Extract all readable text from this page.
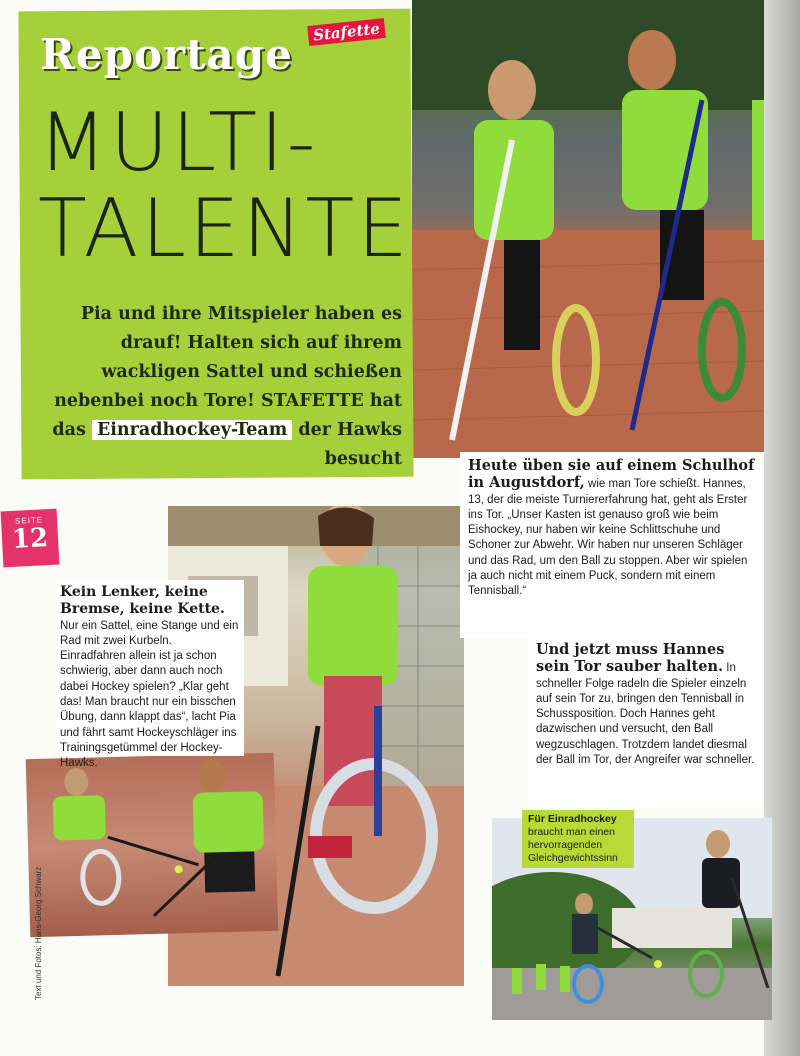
Reportage	Stafette
MULTI-
TALENTE
Pia und ihre Mitspieler haben es drauf! Halten sich auf ihrem wackligen Sattel und schießen nebenbei noch Tore! STAFETTE hat das Einradhockey-Team der Hawks besucht
SEITE
12
Für Einradhockey
braucht man einen hervorragenden Gleichgewichtssinn
Heute üben sie auf einem Schulhof in Augustdorf, wie man Tore schießt. Hannes, 13, der die meiste Turniererfahrung hat, geht als Erster ins Tor. „Unser Kasten ist genauso groß wie beim Eishockey, nur haben wir keine Schlittschuhe und Schoner zur Abwehr. Wir haben nur unseren Schläger und das Rad, um den Ball zu stoppen. Aber wir spielen ja auch nicht mit einem Puck, sondern mit einem Tennisball.“
Und jetzt muss Hannes sein Tor sauber halten. In schneller Folge radeln die Spieler einzeln auf sein Tor zu, bringen den Tennisball in Schussposition. Doch Hannes geht dazwischen und versucht, den Ball wegzuschlagen. Trotzdem landet diesmal der Ball im Tor, der Angreifer war schneller.
Kein Lenker, keine Bremse, keine Kette. Nur ein Sattel, eine Stange und ein Rad mit zwei Kurbeln. Einradfahren allein ist ja schon schwierig, aber dann auch noch dabei Hockey spielen? „Klar geht das! Man braucht nur ein bisschen Übung, dann klappt das“, lacht Pia und fährt samt Hockeyschläger ins Trainingsgetümmel der Hockey-Hawks.
Text und Fotos: Hans-Georg Schwarz
